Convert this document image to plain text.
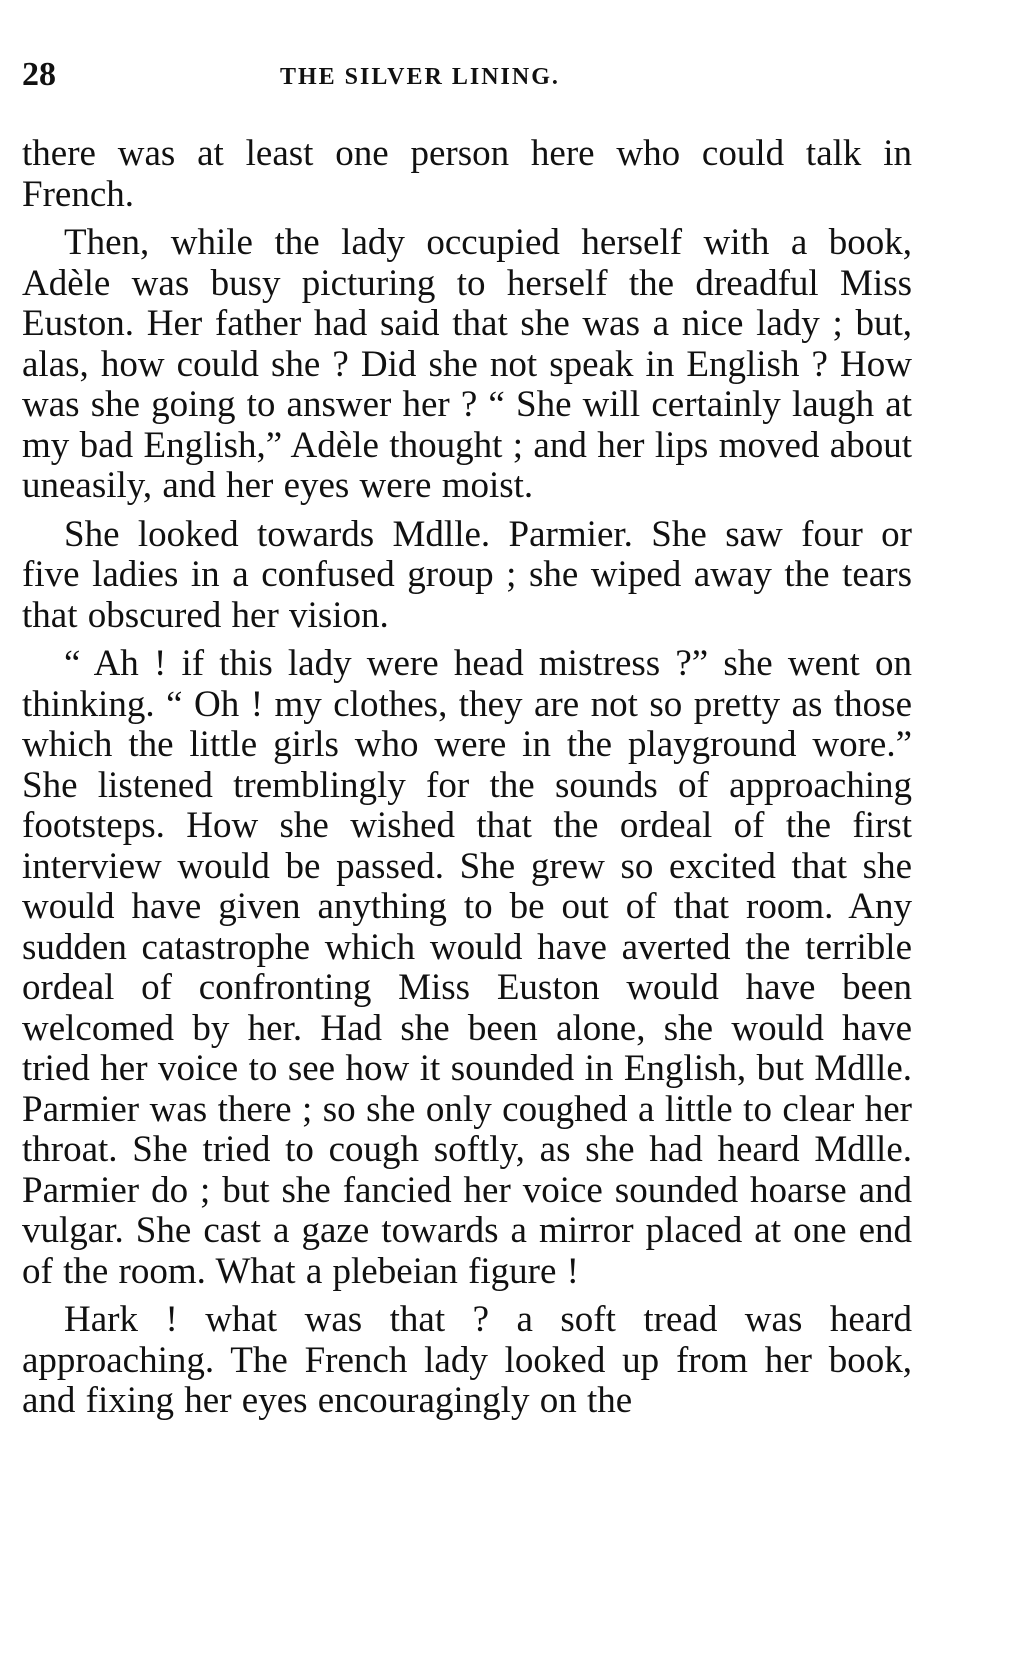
28	THE SILVER LINING.

there was at least one person here who could talk in French.

Then, while the lady occupied herself with a book, Adèle was busy picturing to herself the dreadful Miss Euston. Her father had said that she was a nice lady ; but, alas, how could she ? Did she not speak in English ? How was she going to answer her ? “ She will certainly laugh at my bad English,” Adèle thought ; and her lips moved about uneasily, and her eyes were moist.

She looked towards Mdlle. Parmier. She saw four or five ladies in a confused group ; she wiped away the tears that obscured her vision.

“ Ah ! if this lady were head mistress ?” she went on thinking. “ Oh ! my clothes, they are not so pretty as those which the little girls who were in the playground wore.” She listened tremblingly for the sounds of approaching footsteps. How she wished that the ordeal of the first interview would be passed. She grew so excited that she would have given anything to be out of that room. Any sudden catastrophe which would have averted the terrible ordeal of confronting Miss Euston would have been welcomed by her. Had she been alone, she would have tried her voice to see how it sounded in English, but Mdlle. Parmier was there ; so she only coughed a little to clear her throat. She tried to cough softly, as she had heard Mdlle. Parmier do ; but she fancied her voice sounded hoarse and vulgar. She cast a gaze towards a mirror placed at one end of the room. What a plebeian figure !

Hark ! what was that ? a soft tread was heard approaching. The French lady looked up from her book, and fixing her eyes encouragingly on the
